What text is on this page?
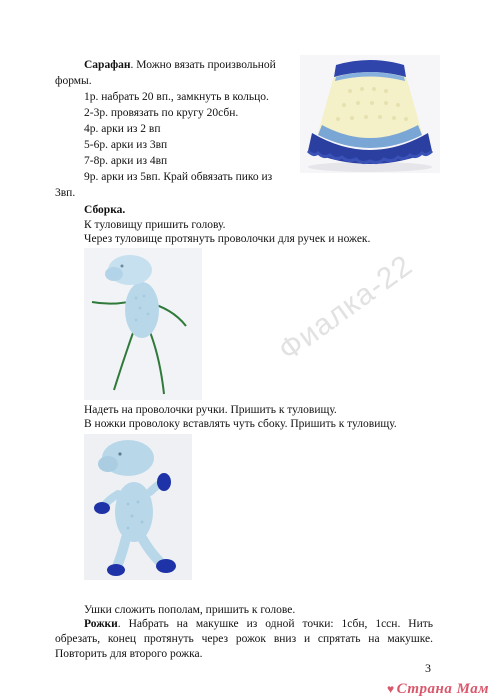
Сарафан. Можно вязать произвольной
формы.
1р. набрать 20 вп., замкнуть в кольцо.
2-3р. провязать по кругу 20сбн.
4р. арки из 2 вп
5-6р. арки из 3вп
7-8р. арки из 4вп
9р. арки из 5вп. Край обвязать пико из
3вп.
Сборка.
К туловищу пришить голову.
Через туловище протянуть проволочки для ручек и ножек.
Надеть на проволочки ручки. Пришить к туловищу.
В ножки проволоку вставлять чуть сбоку. Пришить к туловищу.
Фиалка-22
Ушки сложить пополам, пришить к голове.
Рожки. Набрать на макушке из одной точки: 1сбн, 1ссн. Нить обрезать, конец протянуть через рожок вниз и спрятать на макушке. Повторить для второго рожка.
3
♥ Страна Мам
